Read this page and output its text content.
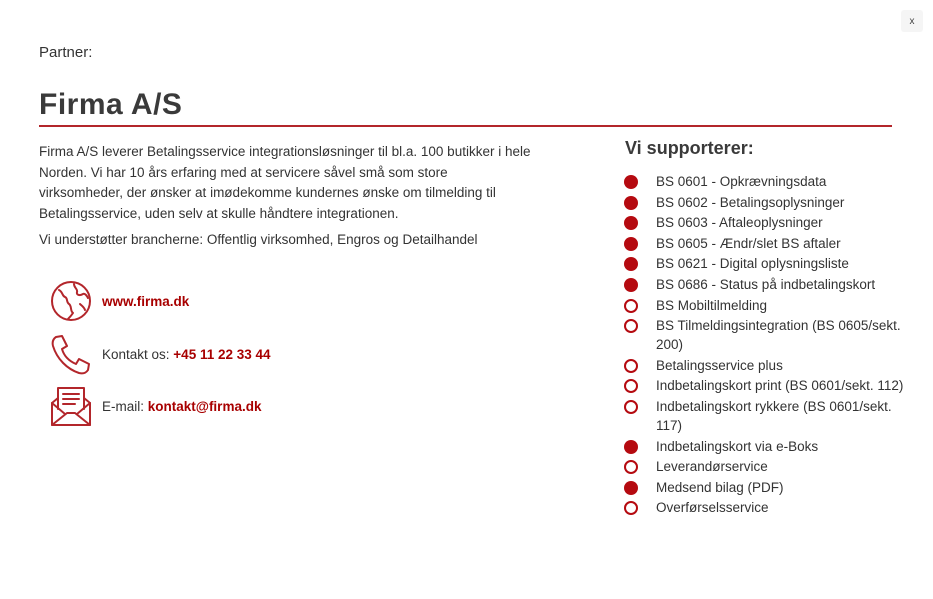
x
Partner:
Firma A/S

Firma A/S leverer Betalingsservice integrationsløsninger til bl.a. 100 butikker i hele Norden. Vi har 10 års erfaring med at servicere såvel små som store virksomheder, der ønsker at imødekomme kundernes ønske om tilmelding til Betalingsservice, uden selv at skulle håndtere integrationen.

Vi understøtter brancherne: Offentlig virksomhed, Engros og Detailhandel

www.firma.dk
Kontakt os: +45 11 22 33 44
E-mail: kontakt@firma.dk
Vi supporterer:
BS 0601 - Opkrævningsdata
BS 0602 - Betalingsoplysninger
BS 0603 - Aftaleoplysninger
BS 0605 - Ændr/slet BS aftaler
BS 0621 - Digital oplysningsliste
BS 0686 - Status på indbetalingskort
BS Mobiltilmelding
BS Tilmeldingsintegration (BS 0605/sekt. 200)
Betalingsservice plus
Indbetalingskort print (BS 0601/sekt. 112)
Indbetalingskort rykkere (BS 0601/sekt. 117)
Indbetalingskort via e-Boks
Leverandørservice
Medsend bilag (PDF)
Overførselsservice
